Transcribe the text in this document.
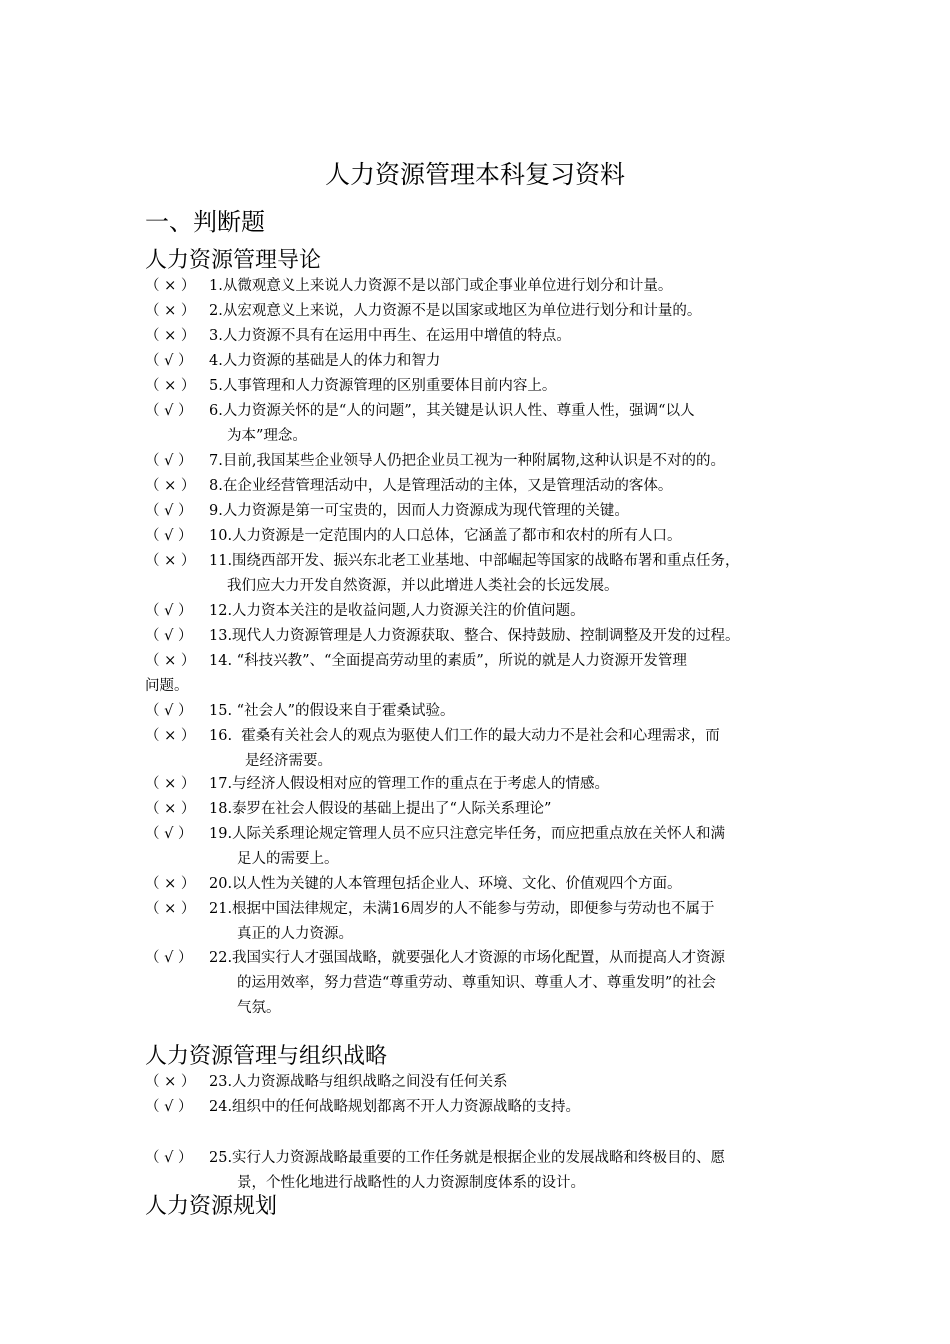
人力资源管理本科复习资料
一、判断题
人力资源管理导论
（ × ） 1.从微观意义上来说人力资源不是以部门或企事业单位进行划分和计量。
（ × ） 2.从宏观意义上来说，人力资源不是以国家或地区为单位进行划分和计量的。
（ × ） 3.人力资源不具有在运用中再生、在运用中增值的特点。
（ √ ）	4.人力资源的基础是人的体力和智力
（ × ） 5.人事管理和人力资源管理的区别重要体目前内容上。
（ √ ）	6.人力资源关怀的是“人的问题”，其关键是认识人性、尊重人性，强调“以人
为本”理念。
（ √ ）	7.目前,我国某些企业领导人仍把企业员工视为一种附属物,这种认识是不对的的。
（ × ） 8.在企业经营管理活动中，人是管理活动的主体，又是管理活动的客体。
（ √ ）	9.人力资源是第一可宝贵的，因而人力资源成为现代管理的关键。
（ √ ）	10.人力资源是一定范围内的人口总体，它涵盖了都市和农村的所有人口。
（ × ） 11.围绕西部开发、振兴东北老工业基地、中部崛起等国家的战略布署和重点任务，
我们应大力开发自然资源，并以此增进人类社会的长远发展。
（ √ ）	12.人力资本关注的是收益问题,人力资源关注的价值问题。
（ √ ）	13.现代人力资源管理是人力资源获取、整合、保持鼓励、控制调整及开发的过程。
（ × ） 14. “科技兴教”、“全面提高劳动里的素质”，所说的就是人力资源开发管理
问题。
（ √ ）	15. “社会人”的假设来自于霍桑试验。
（ × ） 16.  霍桑有关社会人的观点为驱使人们工作的最大动力不是社会和心理需求，而
是经济需要。
（ × ） 17.与经济人假设相对应的管理工作的重点在于考虑人的情感。
（ × ） 18.泰罗在社会人假设的基础上提出了“人际关系理论”
（ √ ）	19.人际关系理论规定管理人员不应只注意完毕任务，而应把重点放在关怀人和满
足人的需要上。
（ × ） 20.以人性为关键的人本管理包括企业人、环境、文化、价值观四个方面。
（ × ） 21.根据中国法律规定，未满16周岁的人不能参与劳动，即便参与劳动也不属于
真正的人力资源。
（ √ ）	22.我国实行人才强国战略，就要强化人才资源的市场化配置，从而提高人才资源
的运用效率，努力营造“尊重劳动、尊重知识、尊重人才、尊重发明”的社会
气氛。
人力资源管理与组织战略
（ × ） 23.人力资源战略与组织战略之间没有任何关系
（ √ ）	24.组织中的任何战略规划都离不开人力资源战略的支持。
（ √ ）	25.实行人力资源战略最重要的工作任务就是根据企业的发展战略和终极目的、愿
景，个性化地进行战略性的人力资源制度体系的设计。
人力资源规划
